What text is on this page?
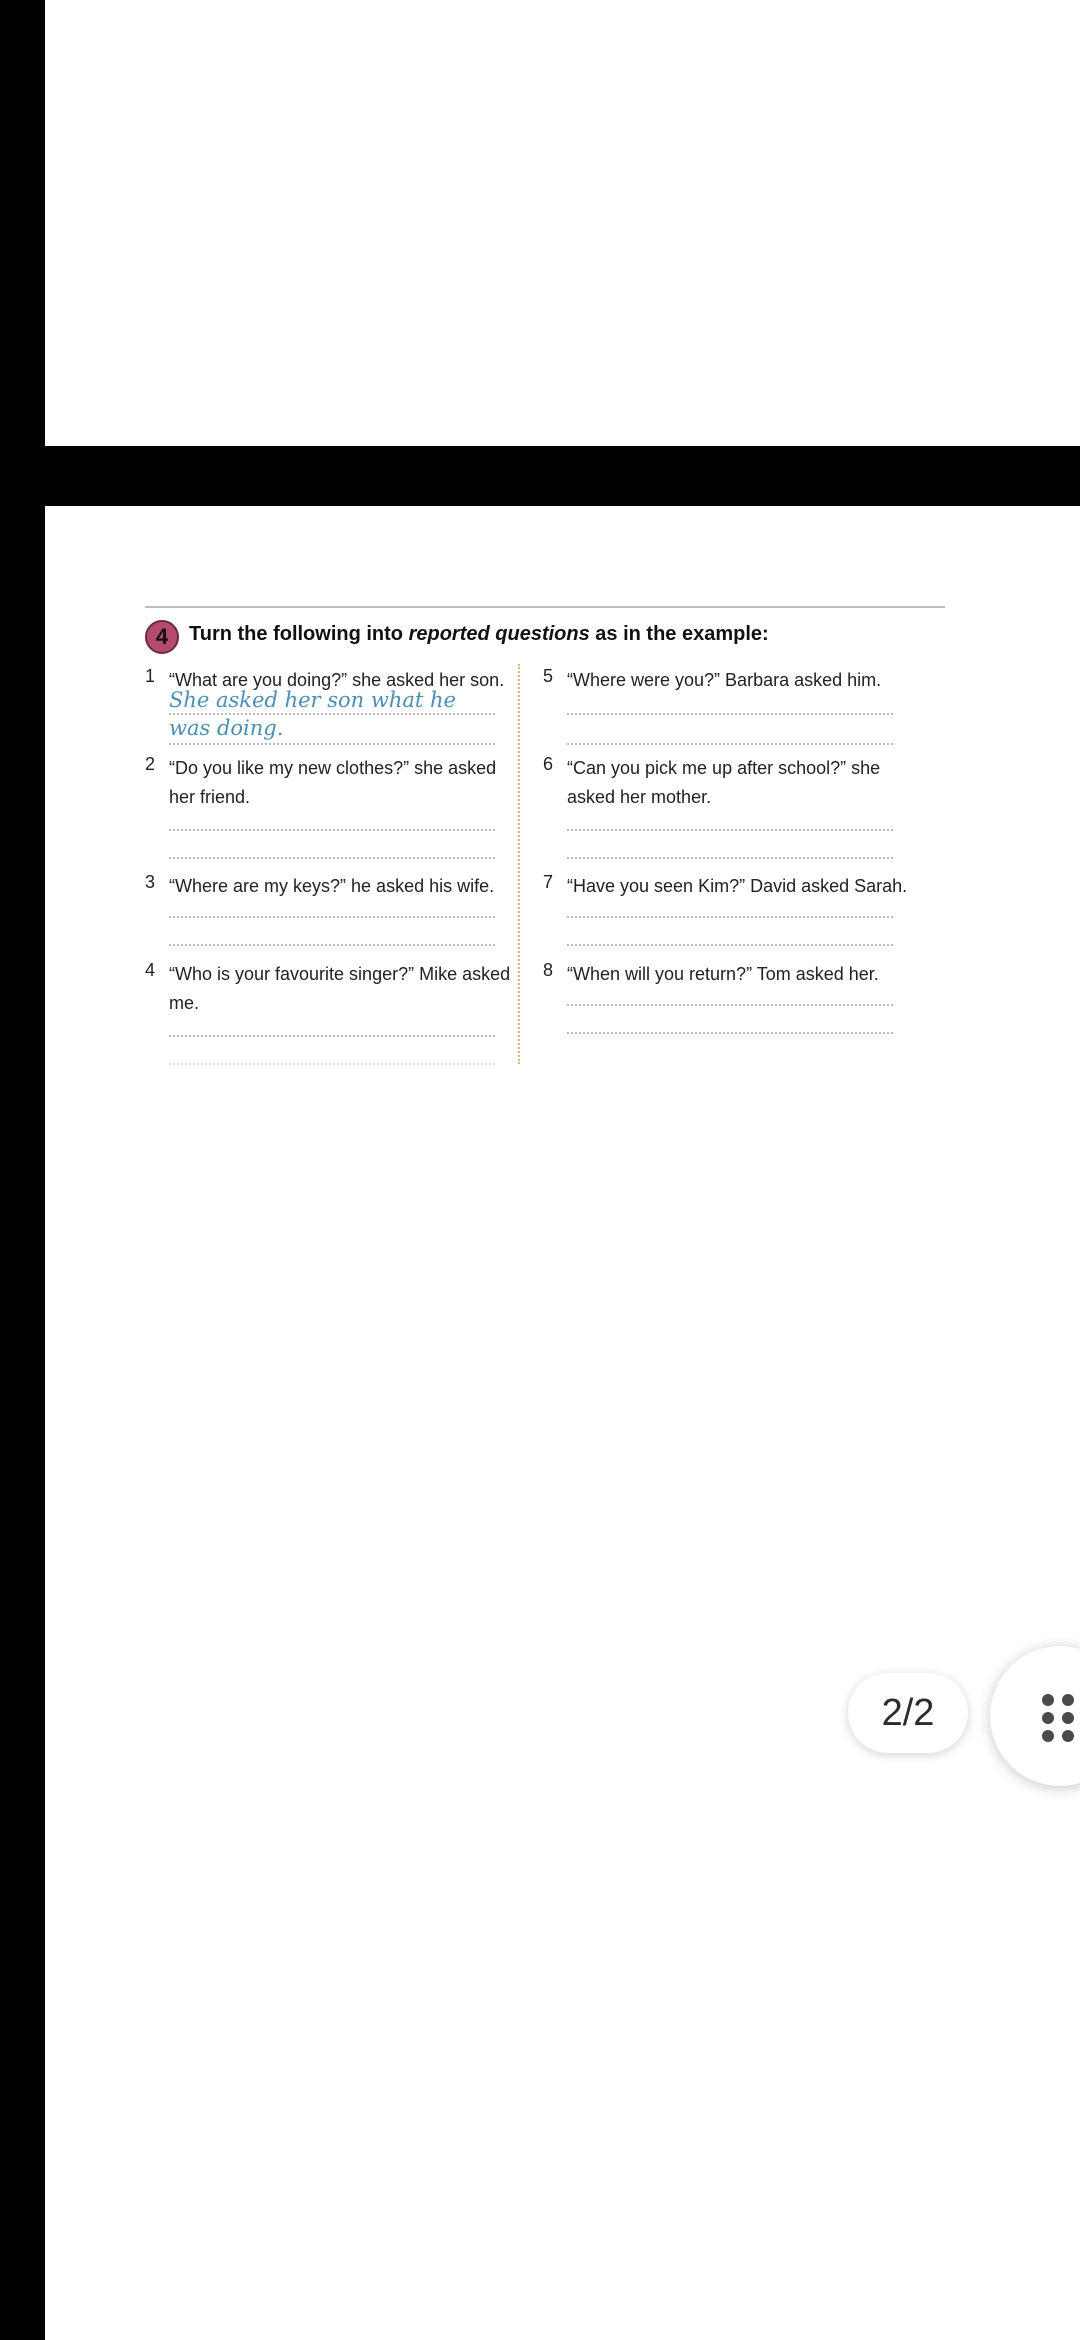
4	Turn the following into reported questions as in the example:
1 “What are you doing?” she asked her son.
She asked her son what he
was doing.
2 “Do you like my new clothes?” she asked her friend.
3 “Where are my keys?” he asked his wife.
4 “Who is your favourite singer?” Mike asked me.
5 “Where were you?” Barbara asked him.
6 “Can you pick me up after school?” she asked her mother.
7 “Have you seen Kim?” David asked Sarah.
8 “When will you return?” Tom asked her.
2/2
